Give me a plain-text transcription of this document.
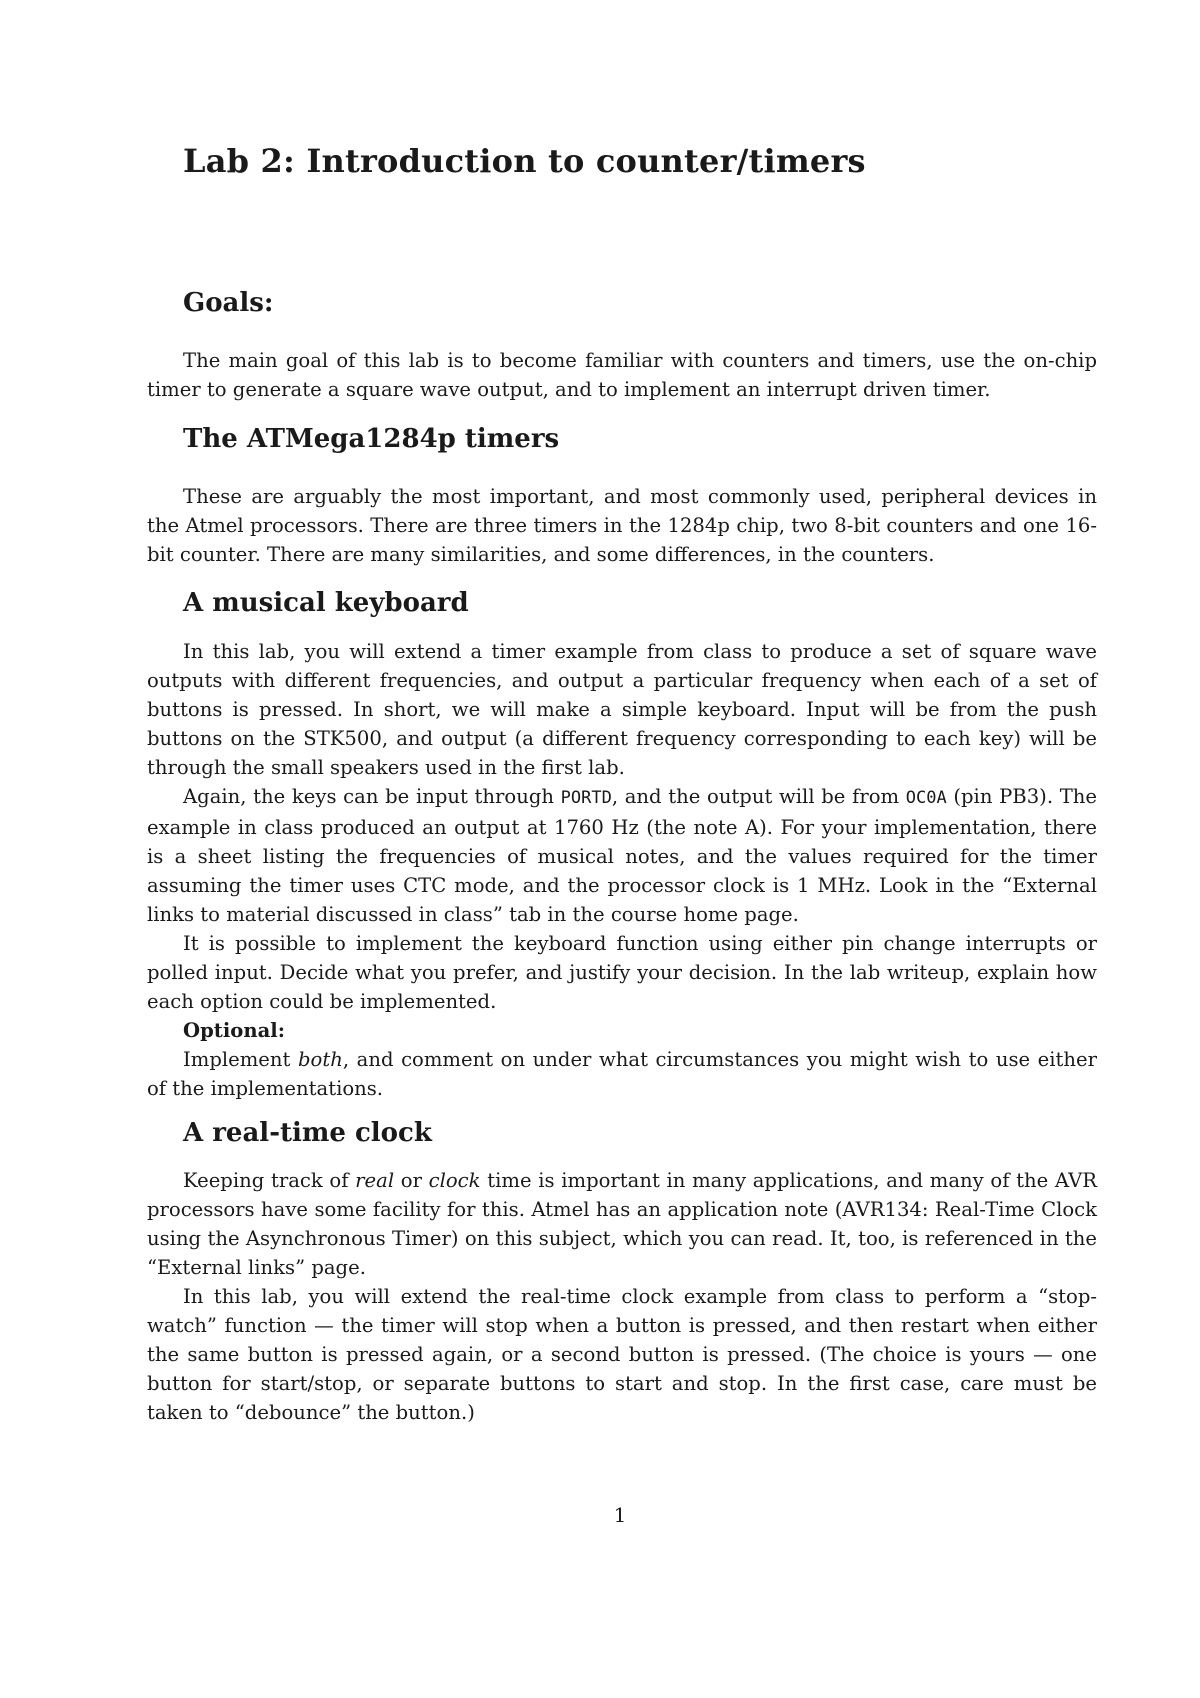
Lab 2: Introduction to counter/timers
Goals:

The main goal of this lab is to become familiar with counters and timers, use the on-chip timer to generate a square wave output, and to implement an interrupt driven timer.

The ATMega1284p timers

These are arguably the most important, and most commonly used, peripheral devices in the Atmel processors. There are three timers in the 1284p chip, two 8-bit counters and one 16-bit counter. There are many similarities, and some differences, in the counters.

A musical keyboard

In this lab, you will extend a timer example from class to produce a set of square wave outputs with different frequencies, and output a particular frequency when each of a set of buttons is pressed. In short, we will make a simple keyboard. Input will be from the push buttons on the STK500, and output (a different frequency corresponding to each key) will be through the small speakers used in the first lab.

Again, the keys can be input through PORTD, and the output will be from OC0A (pin PB3). The example in class produced an output at 1760 Hz (the note A). For your implementation, there is a sheet listing the frequencies of musical notes, and the values required for the timer assuming the timer uses CTC mode, and the processor clock is 1 MHz. Look in the “External links to material discussed in class” tab in the course home page.

It is possible to implement the keyboard function using either pin change interrupts or polled input. Decide what you prefer, and justify your decision. In the lab writeup, explain how each option could be implemented.

Optional:

Implement both, and comment on under what circumstances you might wish to use either of the implementations.

A real-time clock

Keeping track of real or clock time is important in many applications, and many of the AVR processors have some facility for this. Atmel has an application note (AVR134: Real-Time Clock using the Asynchronous Timer) on this subject, which you can read. It, too, is referenced in the “External links” page.

In this lab, you will extend the real-time clock example from class to perform a “stop-watch” function — the timer will stop when a button is pressed, and then restart when either the same button is pressed again, or a second button is pressed. (The choice is yours — one button for start/stop, or separate buttons to start and stop. In the first case, care must be taken to “debounce” the button.)

1
